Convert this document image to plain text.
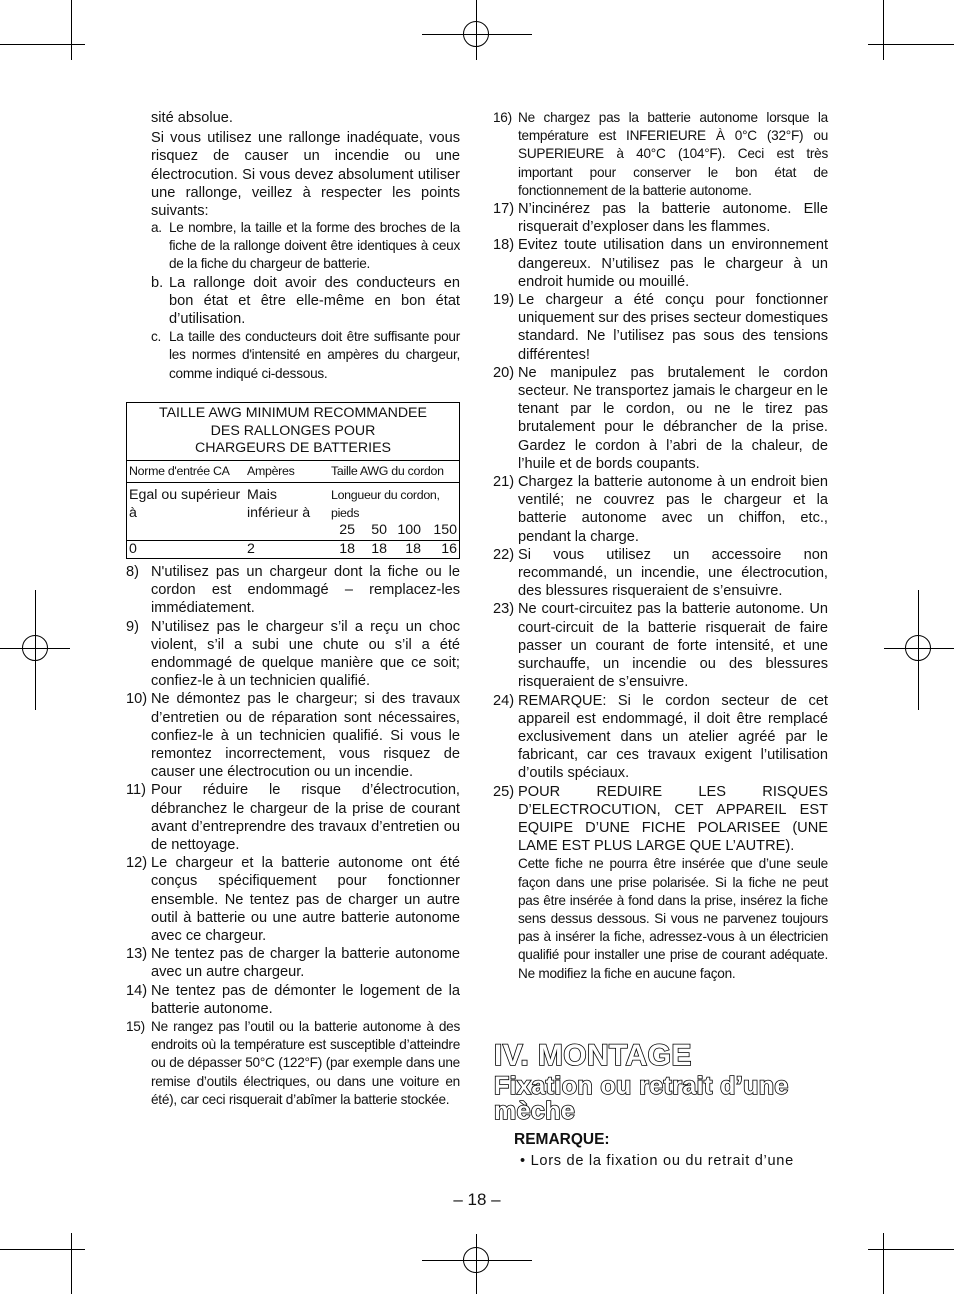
sité absolue.
Si vous utilisez une rallonge inadéquate, vous risquez de causer un incendie ou une électrocution. Si vous devez absolument utiliser une rallonge, veillez à respecter les points suivants:
a. Le nombre, la taille et la forme des broches de la fiche de la rallonge doivent être identiques à ceux de la fiche du chargeur de batterie.
b. La rallonge doit avoir des conducteurs en bon état et être elle-même en bon état d’utilisation.
c. La taille des conducteurs doit être suffisante pour les normes d'intensité en ampères du chargeur, comme indiqué ci-dessous.
TAILLE AWG MINIMUM RECOMMANDEE
DES RALLONGES POUR
CHARGEURS DE BATTERIES					

Norme d'entrée CA	Ampères	Taille AWG du cordon			
Egal ou supérieur à	Mais inférieur à	Longueur du cordon, pieds			
		25	50	100	150
0	2	18	18	18	16
8) N'utilisez pas un chargeur dont la fiche ou le cordon est endommagé – remplacez-les immédiatement.
9) N’utilisez pas le chargeur s’il a reçu un choc violent, s’il a subi une chute ou s’il a été endommagé de quelque manière que ce soit; confiez-le à un technicien qualifié.
10) Ne démontez pas le chargeur; si des travaux d’entretien ou de réparation sont nécessaires, confiez-le à un technicien qualifié. Si vous le remontez incorrectement, vous risquez de causer une électrocution ou un incendie.
11) Pour réduire le risque d’électrocution, débranchez le chargeur de la prise de courant avant d’entreprendre des travaux d’entretien ou de nettoyage.
12) Le chargeur et la batterie autonome ont été conçus spécifiquement pour fonctionner ensemble. Ne tentez pas de charger un autre outil à batterie ou une autre batterie autonome avec ce chargeur.
13) Ne tentez pas de charger la batterie autonome avec un autre chargeur.
14) Ne tentez pas de démonter le logement de la batterie autonome.
15) Ne rangez pas l’outil ou la batterie autonome à des endroits où la température est susceptible d’atteindre ou de dépasser 50°C (122°F) (par exemple dans une remise d’outils électriques, ou dans une voiture en été), car ceci risquerait d’abîmer la batterie stockée.
16) Ne chargez pas la batterie autonome lorsque la température est INFERIEURE À 0°C (32°F) ou SUPERIEURE à 40°C (104°F). Ceci est très important pour conserver le bon état de fonctionnement de la batterie autonome.
17) N’incinérez pas la batterie autonome. Elle risquerait d’exploser dans les flammes.
18) Evitez toute utilisation dans un environnement dangereux. N’utilisez pas le chargeur à un endroit humide ou mouillé.
19) Le chargeur a été conçu pour fonctionner uniquement sur des prises secteur domestiques standard. Ne l’utilisez pas sous des tensions différentes!
20) Ne manipulez pas brutalement le cordon secteur. Ne transportez jamais le chargeur en le tenant par le cordon, ou ne le tirez pas brutalement pour le débrancher de la prise. Gardez le cordon à l’abri de la chaleur, de l’huile et de bords coupants.
21) Chargez la batterie autonome à un endroit bien ventilé; ne couvrez pas le chargeur et la batterie autonome avec un chiffon, etc., pendant la charge.
22) Si vous utilisez un accessoire non recommandé, un incendie, une électrocution, des blessures risqueraient de s’ensuivre.
23) Ne court-circuitez pas la batterie autonome. Un court-circuit de la batterie risquerait de faire passer un courant de forte intensité, et une surchauffe, un incendie ou des blessures risqueraient de s’ensuivre.
24) REMARQUE: Si le cordon secteur de cet appareil est endommagé, il doit être remplacé exclusivement dans un atelier agréé par le fabricant, car ces travaux exigent l’utilisation d’outils spéciaux.
25) POUR REDUIRE LES RISQUES D’ELECTROCUTION, CET APPAREIL EST EQUIPE D’UNE FICHE POLARISEE (UNE LAME EST PLUS LARGE QUE L’AUTRE).
Cette fiche ne pourra être insérée que d’une seule façon dans une prise polarisée. Si la fiche ne peut pas être insérée à fond dans la prise, insérez la fiche sens dessus dessous. Si vous ne parvenez toujours pas à insérer la fiche, adressez-vous à un électricien qualifié pour installer une prise de courant adéquate. Ne modifiez la fiche en aucune façon.
IV. MONTAGE
Fixation ou retrait d’une mèche
REMARQUE:
• Lors de la fixation ou du retrait d’une
– 18 –
